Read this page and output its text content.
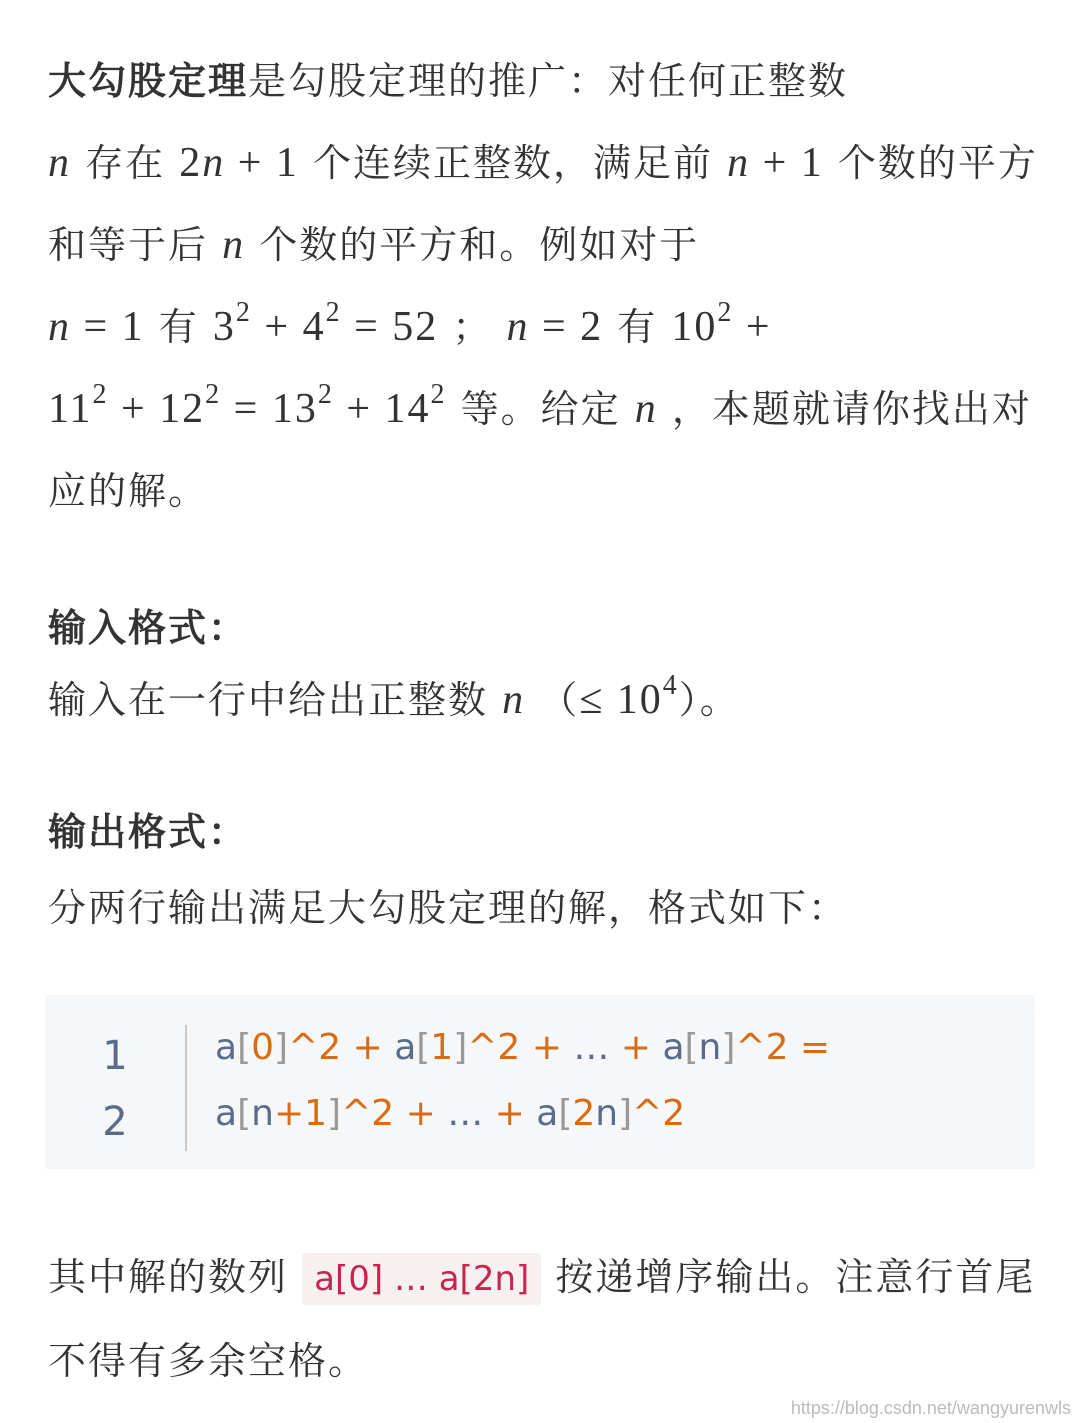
大勾股定理是勾股定理的推广：对任何正整数
n 存在 2n + 1 个连续正整数，满足前 n + 1 个数的平方和等于后 n 个数的平方和。例如对于
n = 1 有 $3^2 + 4^2 = 52$ ； n = 2 有 $10^2$ +
$11^2 + 12^2 = 13^2 + 14^2$ 等。给定 n ，本题就请你找出对应的解。

输入格式：

输入在一行中给出正整数 n （≤ $10^4$）。

输出格式：

分两行输出满足大勾股定理的解，格式如下：

1
2
a[0]^2 + a[1]^2 + … + a[n]^2 =
a[n+1]^2 + … + a[2n]^2

其中解的数列 a[0] … a[2n] 按递增序输出。注意行首尾不得有多余空格。

https://blog.csdn.net/wangyurenwls
